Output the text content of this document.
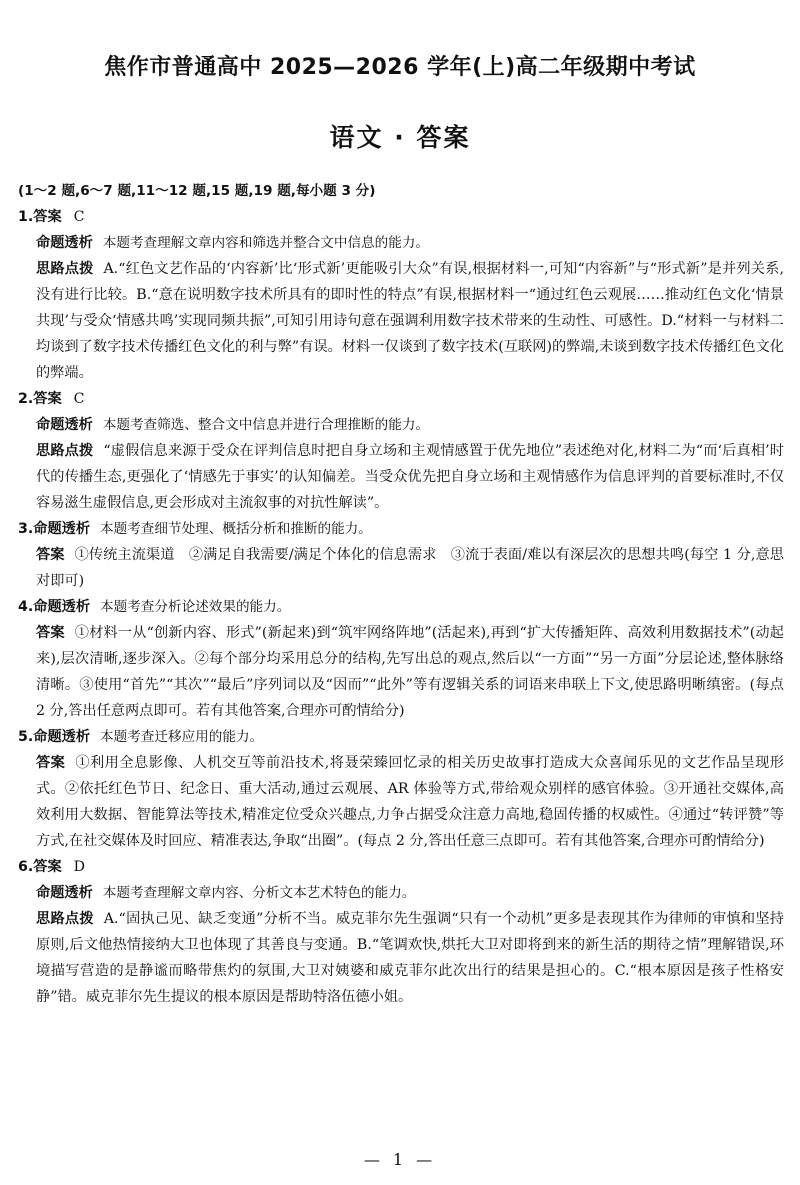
焦作市普通高中 2025—2026 学年(上)高二年级期中考试
语文 · 答案
(1～2 题,6～7 题,11～12 题,15 题,19 题,每小题 3 分)
1.答案 C
命题透析 本题考查理解文章内容和筛选并整合文中信息的能力。
思路点拨 A.“红色文艺作品的‘内容新’比‘形式新’更能吸引大众”有误,根据材料一,可知“内容新”与“形式新”是并列关系,没有进行比较。B.“意在说明数字技术所具有的即时性的特点”有误,根据材料一“通过红色云观展……推动红色文化‘情景共现’与受众‘情感共鸣’实现同频共振”,可知引用诗句意在强调利用数字技术带来的生动性、可感性。D.“材料一与材料二均谈到了数字技术传播红色文化的利与弊”有误。材料一仅谈到了数字技术(互联网)的弊端,未谈到数字技术传播红色文化的弊端。
2.答案 C
命题透析 本题考查筛选、整合文中信息并进行合理推断的能力。
思路点拨 “虚假信息来源于受众在评判信息时把自身立场和主观情感置于优先地位”表述绝对化,材料二为“而‘后真相’时代的传播生态,更强化了‘情感先于事实’的认知偏差。当受众优先把自身立场和主观情感作为信息评判的首要标准时,不仅容易滋生虚假信息,更会形成对主流叙事的对抗性解读”。
3.命题透析 本题考查细节处理、概括分析和推断的能力。
答案 ①传统主流渠道　②满足自我需要/满足个体化的信息需求　③流于表面/难以有深层次的思想共鸣(每空 1 分,意思对即可)
4.命题透析 本题考查分析论述效果的能力。
答案 ①材料一从“创新内容、形式”(新起来)到“筑牢网络阵地”(活起来),再到“扩大传播矩阵、高效利用数据技术”(动起来),层次清晰,逐步深入。②每个部分均采用总分的结构,先写出总的观点,然后以“一方面”“另一方面”分层论述,整体脉络清晰。③使用“首先”“其次”“最后”序列词以及“因而”“此外”等有逻辑关系的词语来串联上下文,使思路明晰缜密。(每点 2 分,答出任意两点即可。若有其他答案,合理亦可酌情给分)
5.命题透析 本题考查迁移应用的能力。
答案 ①利用全息影像、人机交互等前沿技术,将聂荣臻回忆录的相关历史故事打造成大众喜闻乐见的文艺作品呈现形式。②依托红色节日、纪念日、重大活动,通过云观展、AR 体验等方式,带给观众别样的感官体验。③开通社交媒体,高效利用大数据、智能算法等技术,精准定位受众兴趣点,力争占据受众注意力高地,稳固传播的权威性。④通过“转评赞”等方式,在社交媒体及时回应、精准表达,争取“出圈”。(每点 2 分,答出任意三点即可。若有其他答案,合理亦可酌情给分)
6.答案 D
命题透析 本题考查理解文章内容、分析文本艺术特色的能力。
思路点拨 A.“固执己见、缺乏变通”分析不当。威克菲尔先生强调“只有一个动机”更多是表现其作为律师的审慎和坚持原则,后文他热情接纳大卫也体现了其善良与变通。B.“笔调欢快,烘托大卫对即将到来的新生活的期待之情”理解错误,环境描写营造的是静谧而略带焦灼的氛围,大卫对姨婆和威克菲尔此次出行的结果是担心的。C.“根本原因是孩子性格安静”错。威克菲尔先生提议的根本原因是帮助特洛伍德小姐。
— 1 —
